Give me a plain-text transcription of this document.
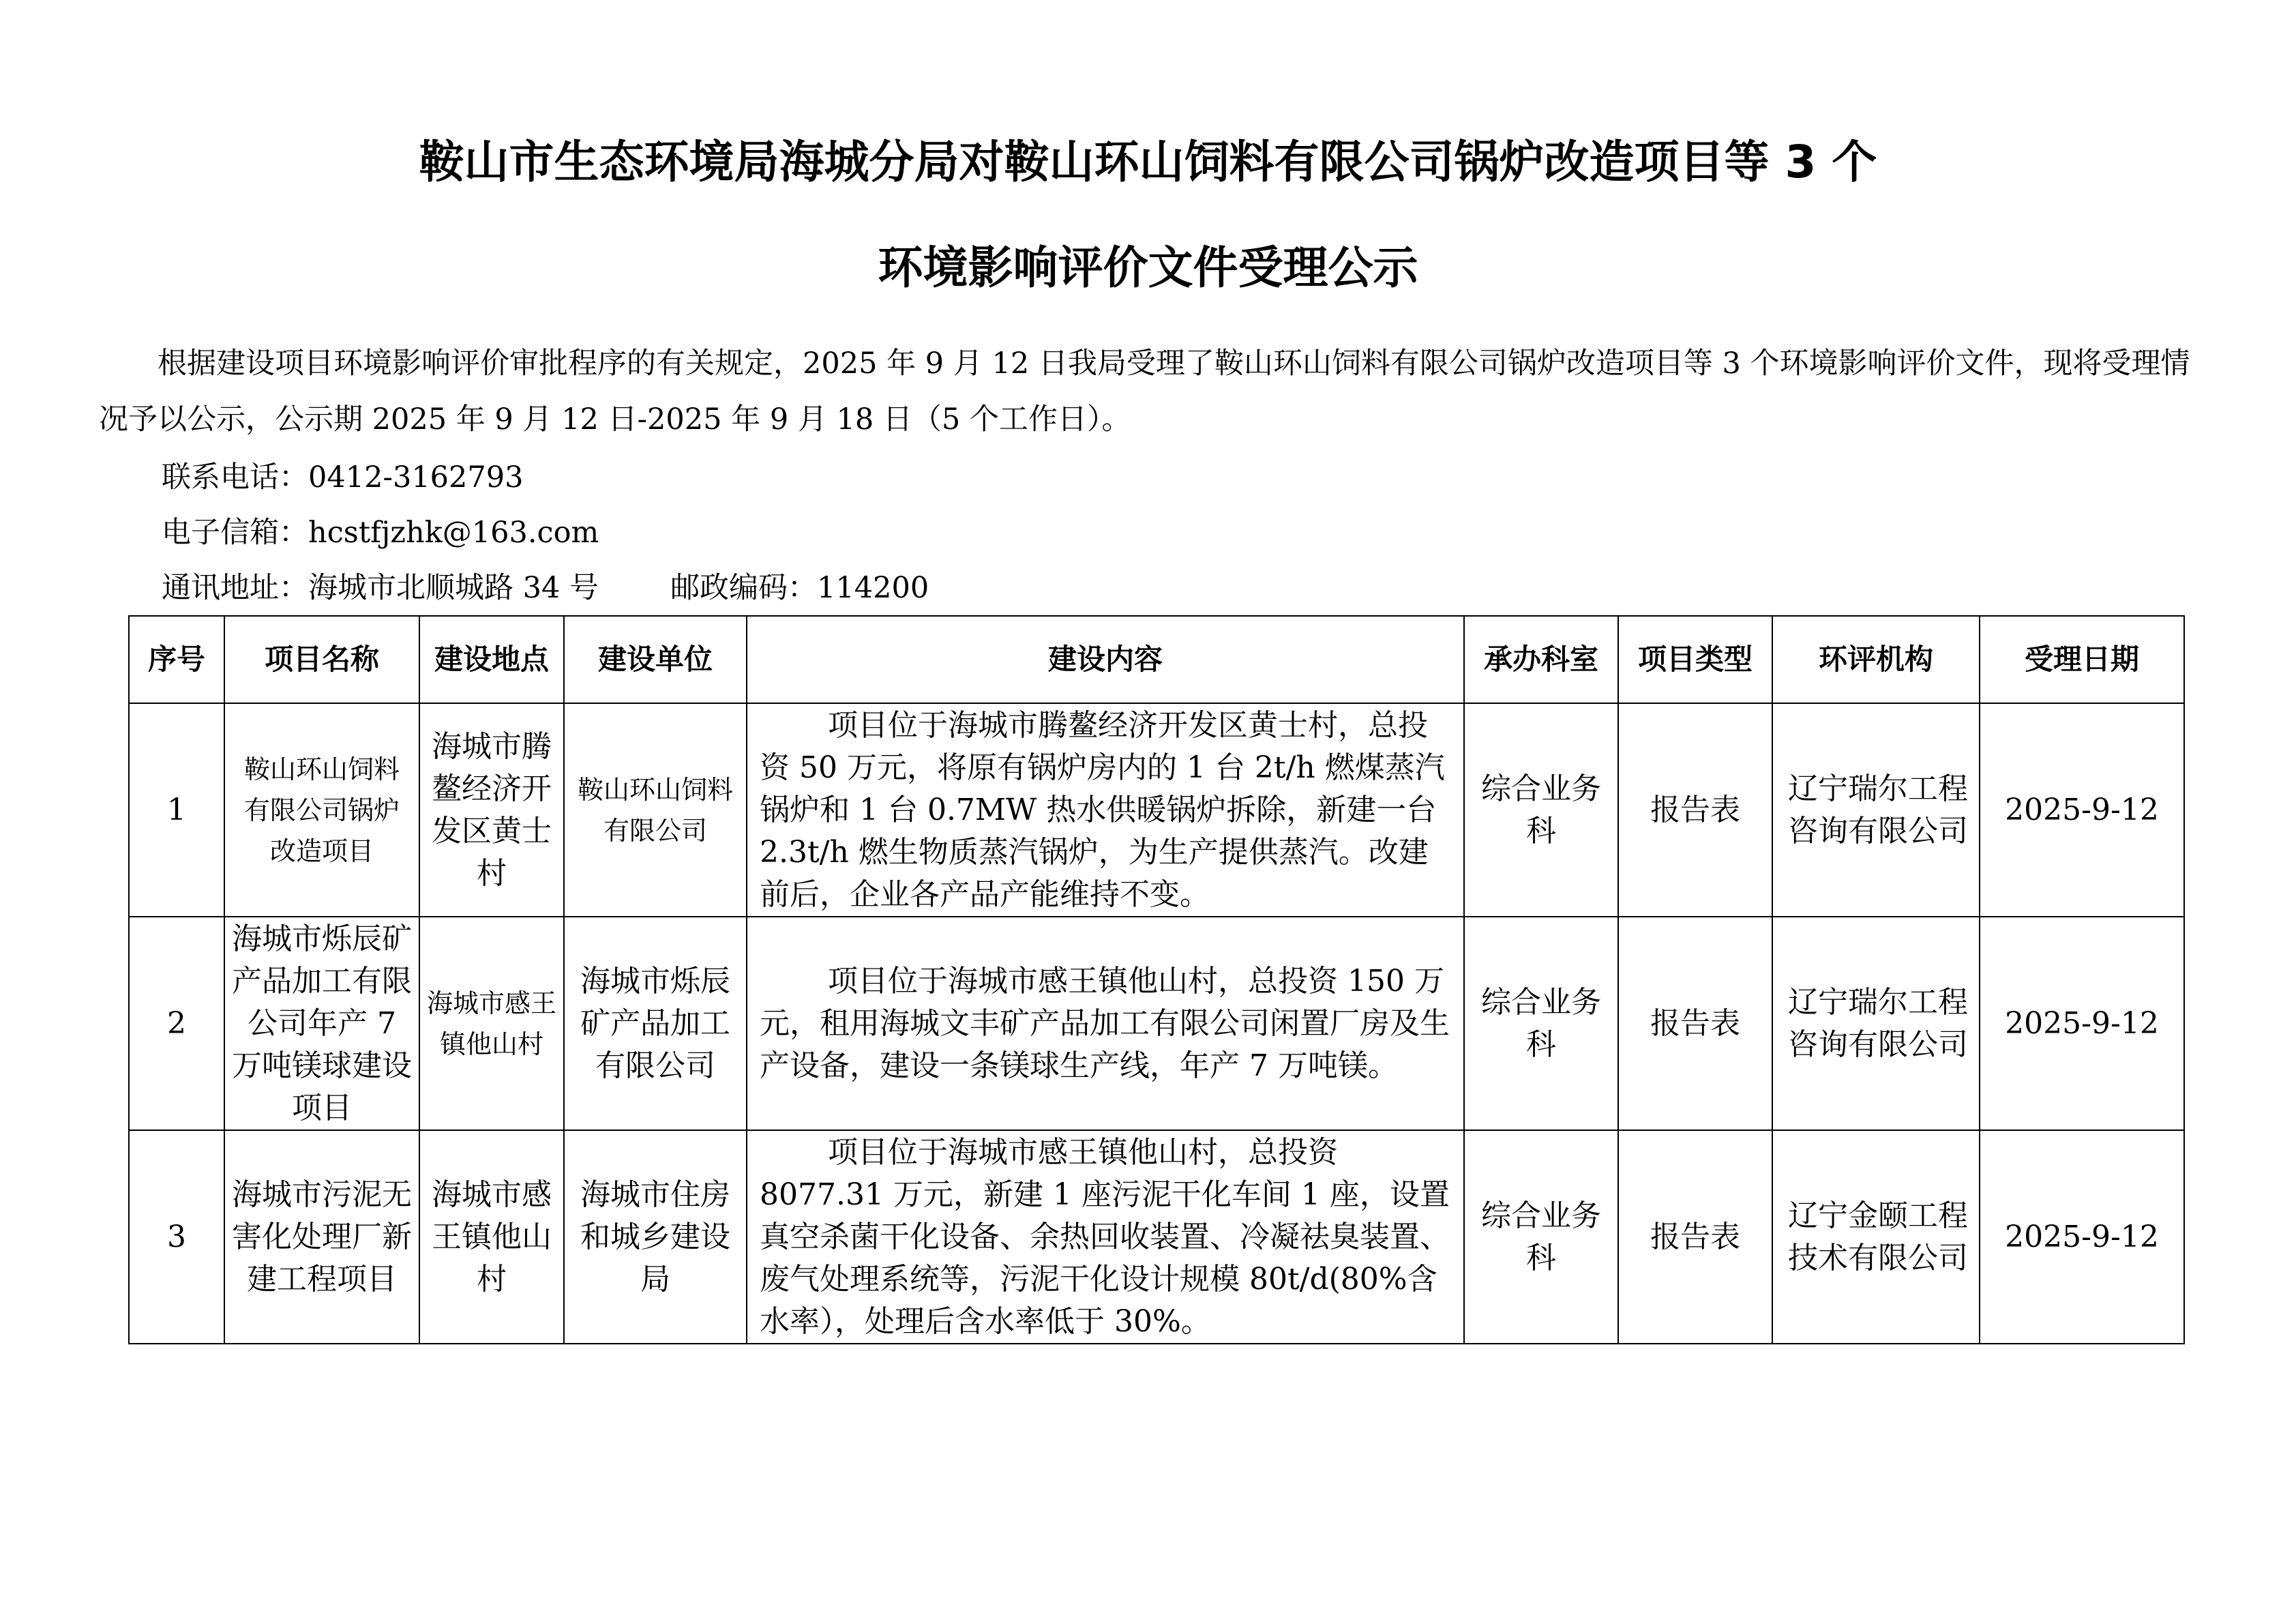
鞍山市生态环境局海城分局对鞍山环山饲料有限公司锅炉改造项目等 3 个
环境影响评价文件受理公示

根据建设项目环境影响评价审批程序的有关规定，2025 年 9 月 12 日我局受理了鞍山环山饲料有限公司锅炉改造项目等 3 个环境影响评价文件，现将受理情况予以公示，公示期 2025 年 9 月 12 日-2025 年 9 月 18 日（5 个工作日）。

联系电话：0412-3162793

电子信箱：hcstfjzhk@163.com

通讯地址：海城市北顺城路 34 号 邮政编码：114200

序号	项目名称	建设地点	建设单位	建设内容	承办科室	项目类型	环评机构	受理日期
1	鞍山环山饲料有限公司锅炉改造项目	海城市腾鳌经济开发区黄士村	鞍山环山饲料有限公司	项目位于海城市腾鳌经济开发区黄士村，总投资 50 万元，将原有锅炉房内的 1 台 2t/h 燃煤蒸汽锅炉和 1 台 0.7MW 热水供暖锅炉拆除，新建一台 2.3t/h 燃生物质蒸汽锅炉，为生产提供蒸汽。改建前后，企业各产品产能维持不变。	综合业务科	报告表	辽宁瑞尔工程咨询有限公司	2025-9-12
2	海城市烁辰矿产品加工有限公司年产 7 万吨镁球建设项目	海城市感王镇他山村	海城市烁辰矿产品加工有限公司	项目位于海城市感王镇他山村，总投资 150 万元，租用海城文丰矿产品加工有限公司闲置厂房及生产设备，建设一条镁球生产线，年产 7 万吨镁。	综合业务科	报告表	辽宁瑞尔工程咨询有限公司	2025-9-12
3	海城市污泥无害化处理厂新建工程项目	海城市感王镇他山村	海城市住房和城乡建设局	项目位于海城市感王镇他山村，总投资 8077.31 万元，新建 1 座污泥干化车间 1 座，设置真空杀菌干化设备、余热回收装置、冷凝祛臭装置、废气处理系统等，污泥干化设计规模 80t/d(80%含水率），处理后含水率低于 30%。	综合业务科	报告表	辽宁金颐工程技术有限公司	2025-9-12
